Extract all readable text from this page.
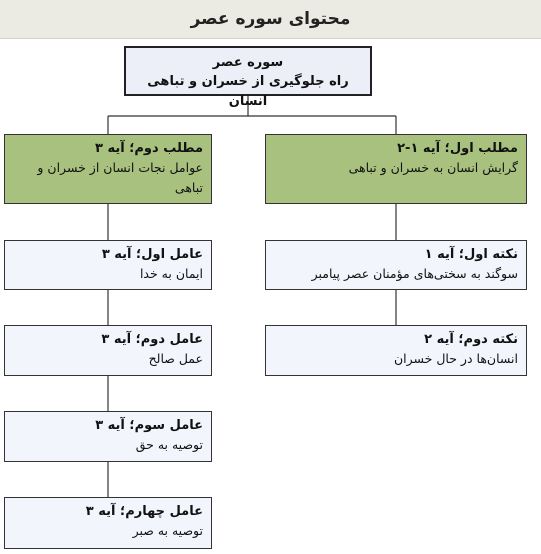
محتوای سوره عصر
سوره عصر
راه جلوگیری از خسران و تباهی انسان
مطلب اول؛ آیه ۱-۲
گرایش انسان به خسران و تباهی
مطلب دوم؛ آیه ۳
عوامل نجات انسان از خسران و تباهی
نکته اول؛ آیه ۱
سوگند به سختی‌های مؤمنان عصر پیامبر
نکته دوم؛ آیه ۲
انسان‌ها در حال خسران
عامل اول؛ آیه ۳
ایمان به خدا
عامل دوم؛ آیه ۳
عمل صالح
عامل سوم؛ آیه ۳
توصیه به حق
عامل چهارم؛ آیه ۳
توصیه به صبر
